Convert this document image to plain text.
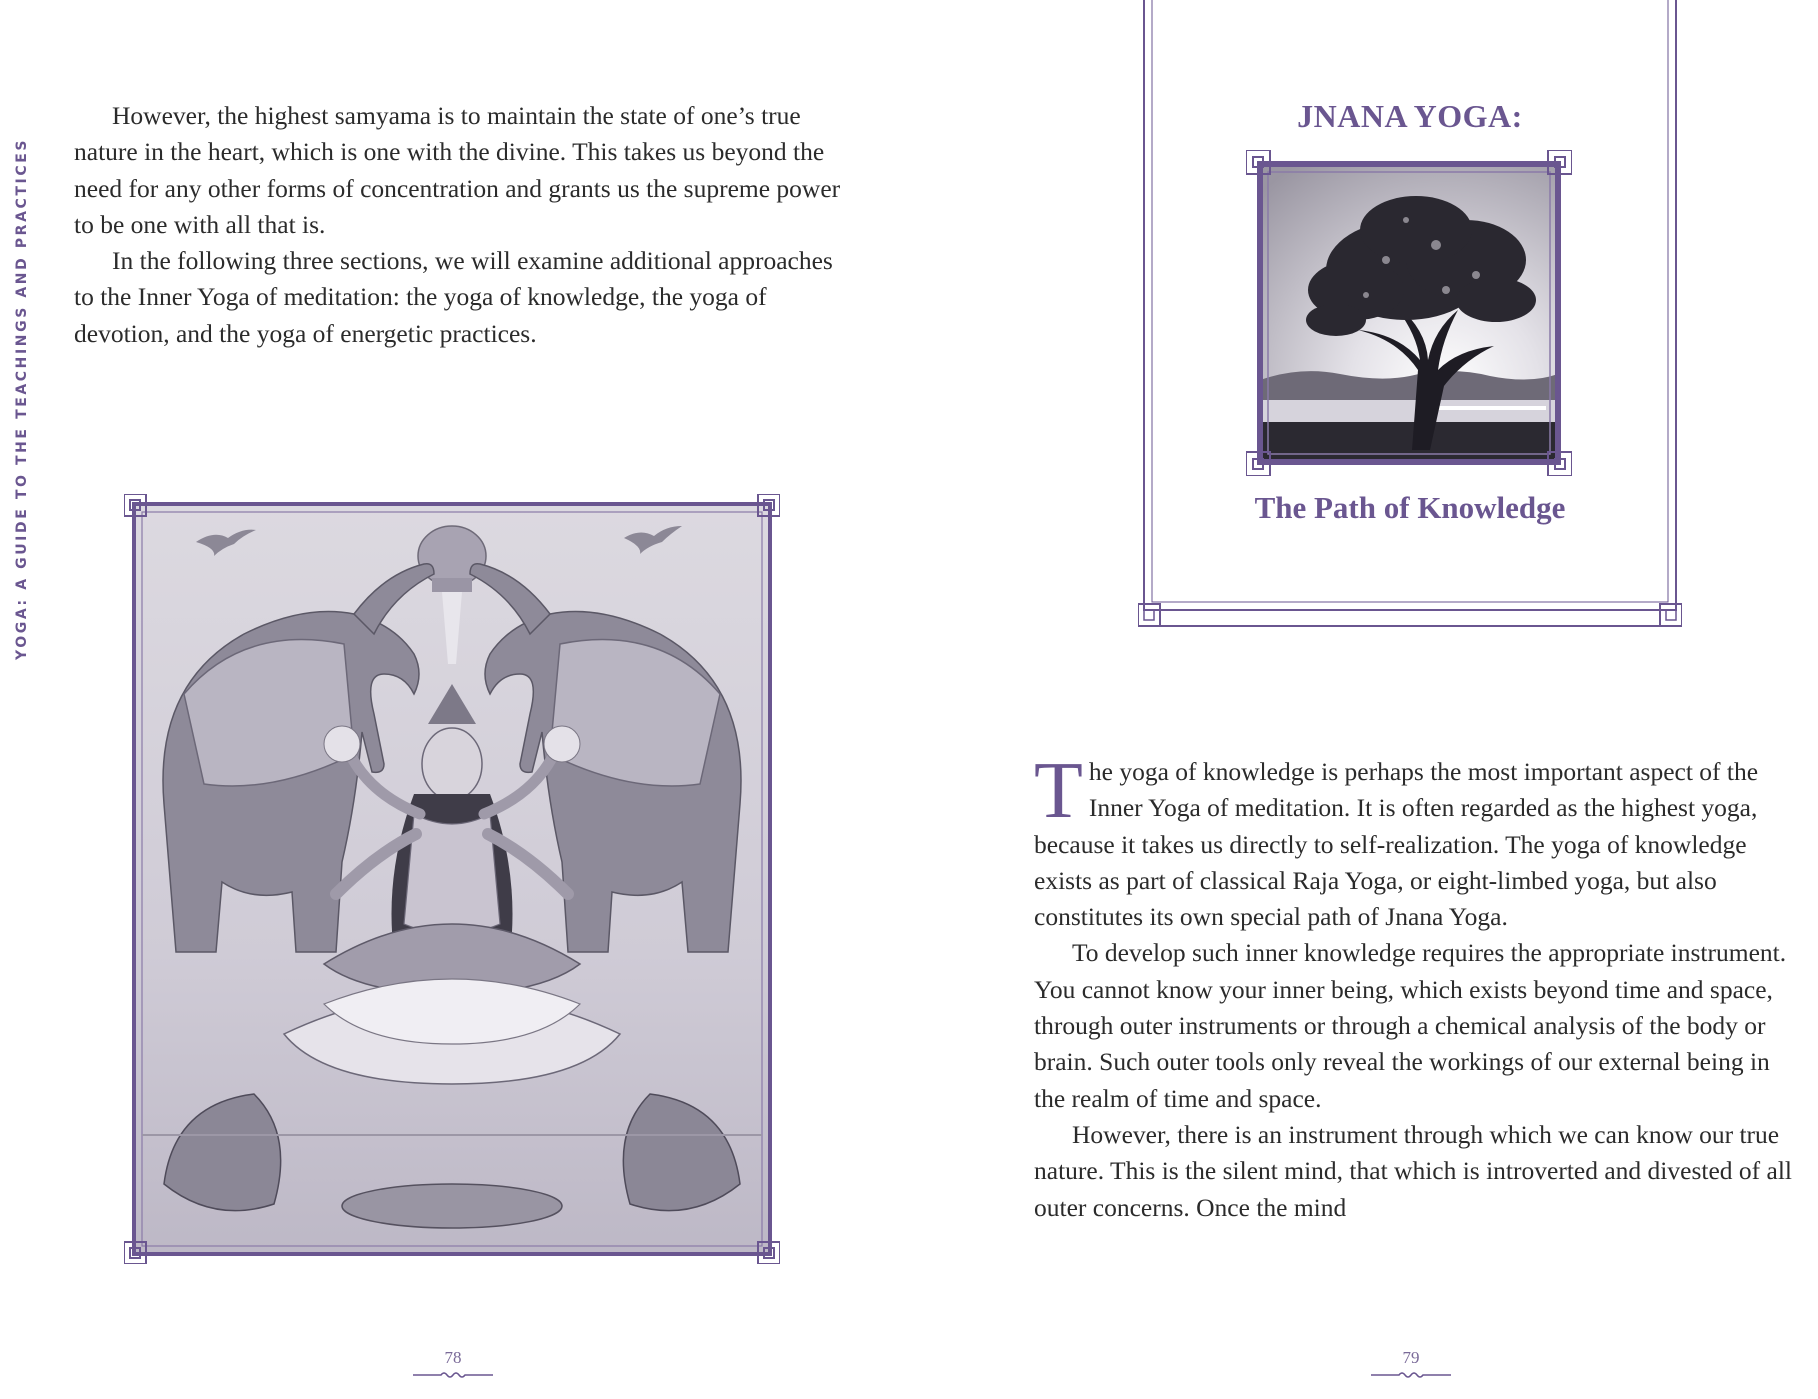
YOGA: A GUIDE TO THE TEACHINGS AND PRACTICES

However, the highest samyama is to maintain the state of one’s true nature in the heart, which is one with the divine. This takes us beyond the need for any other forms of concentration and grants us the supreme power to be one with all that is.

In the following three sections, we will examine additional approaches to the Inner Yoga of meditation: the yoga of knowledge, the yoga of devotion, and the yoga of energetic practices.

78
JNANA YOGA:
The Path of Knowledge

The yoga of knowledge is perhaps the most important aspect of the Inner Yoga of meditation. It is often regarded as the highest yoga, because it takes us directly to self-realization. The yoga of knowledge exists as part of classical Raja Yoga, or eight-limbed yoga, but also constitutes its own special path of Jnana Yoga.

To develop such inner knowledge requires the appropriate instrument. You cannot know your inner being, which exists beyond time and space, through outer instruments or through a chemical analysis of the body or brain. Such outer tools only reveal the workings of our external being in the realm of time and space.

However, there is an instrument through which we can know our true nature. This is the silent mind, that which is introverted and divested of all outer concerns. Once the mind

79
